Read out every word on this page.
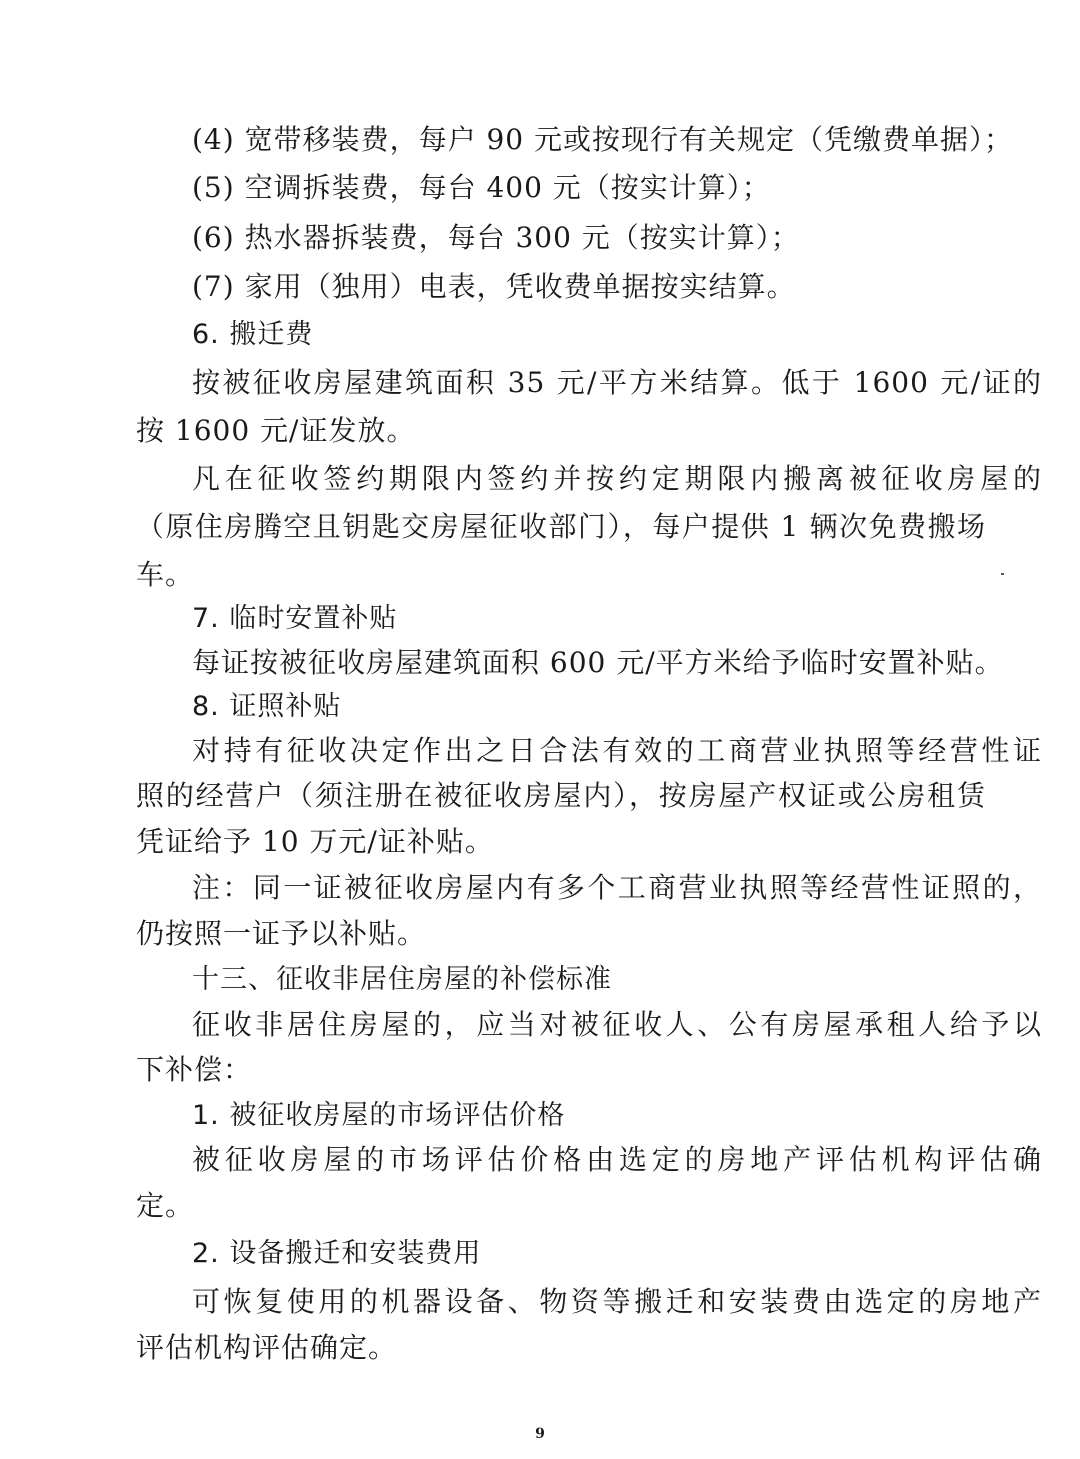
(4) 宽带移装费，每户 90 元或按现行有关规定（凭缴费单据）；
(5) 空调拆装费，每台 400 元（按实计算）；
(6) 热水器拆装费，每台 300 元（按实计算）；
(7) 家用（独用）电表，凭收费单据按实结算。
6. 搬迁费
按被征收房屋建筑面积 35 元/平方米结算。低于 1600 元/证的
按 1600 元/证发放。
凡在征收签约期限内签约并按约定期限内搬离被征收房屋的
（原住房腾空且钥匙交房屋征收部门），每户提供 1 辆次免费搬场
车。
7. 临时安置补贴
每证按被征收房屋建筑面积 600 元/平方米给予临时安置补贴。
8. 证照补贴
对持有征收决定作出之日合法有效的工商营业执照等经营性证
照的经营户（须注册在被征收房屋内），按房屋产权证或公房租赁
凭证给予 10 万元/证补贴。
注：同一证被征收房屋内有多个工商营业执照等经营性证照的，
仍按照一证予以补贴。
十三、征收非居住房屋的补偿标准
征收非居住房屋的，应当对被征收人、公有房屋承租人给予以
下补偿：
1. 被征收房屋的市场评估价格
被征收房屋的市场评估价格由选定的房地产评估机构评估确
定。
2. 设备搬迁和安装费用
可恢复使用的机器设备、物资等搬迁和安装费由选定的房地产
评估机构评估确定。
9
